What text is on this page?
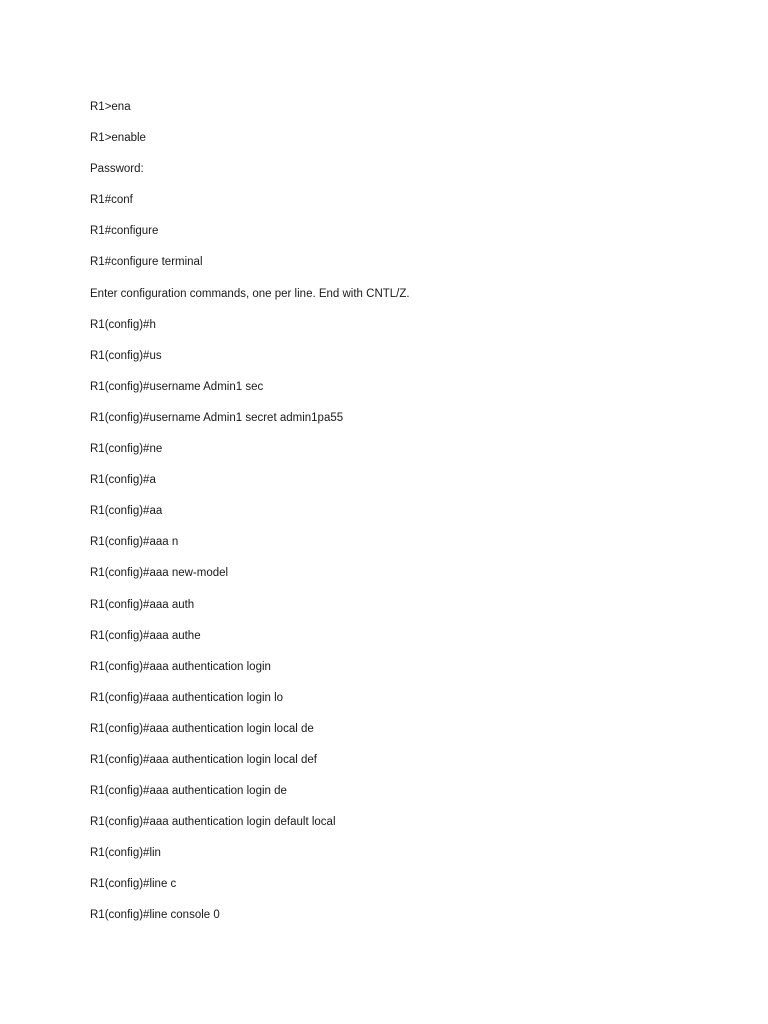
R1>ena
R1>enable
Password:
R1#conf
R1#configure
R1#configure terminal
Enter configuration commands, one per line. End with CNTL/Z.
R1(config)#h
R1(config)#us
R1(config)#username Admin1 sec
R1(config)#username Admin1 secret admin1pa55
R1(config)#ne
R1(config)#a
R1(config)#aa
R1(config)#aaa n
R1(config)#aaa new-model
R1(config)#aaa auth
R1(config)#aaa authe
R1(config)#aaa authentication login
R1(config)#aaa authentication login lo
R1(config)#aaa authentication login local de
R1(config)#aaa authentication login local def
R1(config)#aaa authentication login de
R1(config)#aaa authentication login default local
R1(config)#lin
R1(config)#line c
R1(config)#line console 0
